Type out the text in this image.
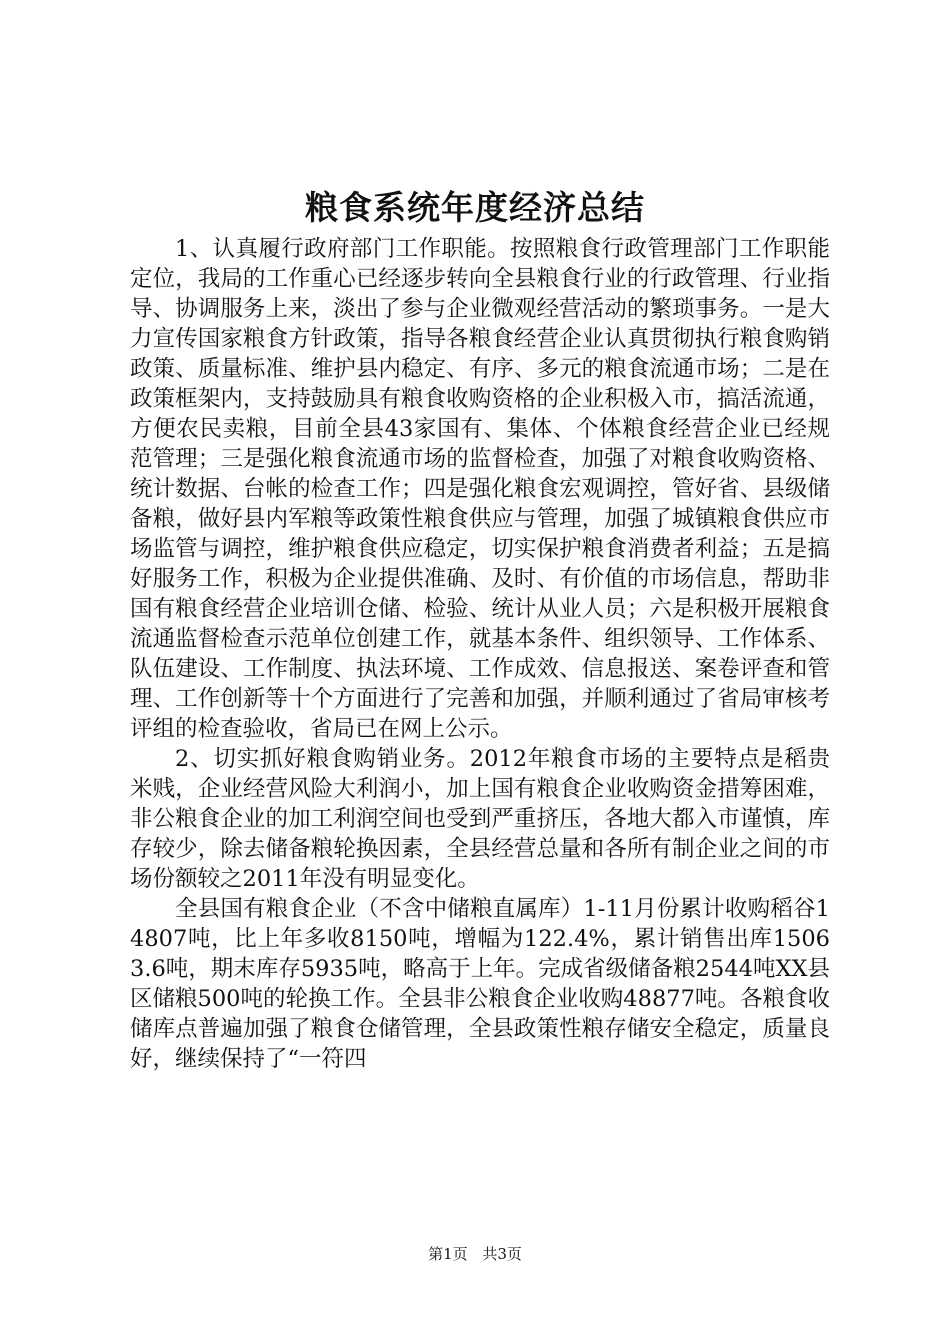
粮食系统年度经济总结

1、认真履行政府部门工作职能。按照粮食行政管理部门工作职能定位，我局的工作重心已经逐步转向全县粮食行业的行政管理、行业指导、协调服务上来，淡出了参与企业微观经营活动的繁琐事务。一是大力宣传国家粮食方针政策，指导各粮食经营企业认真贯彻执行粮食购销政策、质量标准、维护县内稳定、有序、多元的粮食流通市场；二是在政策框架内，支持鼓励具有粮食收购资格的企业积极入市，搞活流通，方便农民卖粮，目前全县43家国有、集体、个体粮食经营企业已经规范管理；三是强化粮食流通市场的监督检查，加强了对粮食收购资格、统计数据、台帐的检查工作；四是强化粮食宏观调控，管好省、县级储备粮，做好县内军粮等政策性粮食供应与管理，加强了城镇粮食供应市场监管与调控，维护粮食供应稳定，切实保护粮食消费者利益；五是搞好服务工作，积极为企业提供准确、及时、有价值的市场信息，帮助非国有粮食经营企业培训仓储、检验、统计从业人员；六是积极开展粮食流通监督检查示范单位创建工作，就基本条件、组织领导、工作体系、队伍建设、工作制度、执法环境、工作成效、信息报送、案卷评查和管理、工作创新等十个方面进行了完善和加强，并顺利通过了省局审核考评组的检查验收，省局已在网上公示。

2、切实抓好粮食购销业务。2012年粮食市场的主要特点是稻贵米贱，企业经营风险大利润小，加上国有粮食企业收购资金措筹困难，非公粮食企业的加工利润空间也受到严重挤压，各地大都入市谨慎，库存较少，除去储备粮轮换因素，全县经营总量和各所有制企业之间的市场份额较之2011年没有明显变化。

全县国有粮食企业（不含中储粮直属库）1-11月份累计收购稻谷14807吨，比上年多收8150吨，增幅为122.4%，累计销售出库15063.6吨，期末库存5935吨，略高于上年。完成省级储备粮2544吨XX县区储粮500吨的轮换工作。全县非公粮食企业收购48877吨。各粮食收储库点普遍加强了粮食仓储管理，全县政策性粮存储安全稳定，质量良好，继续保持了“一符四

第1页 共3页
